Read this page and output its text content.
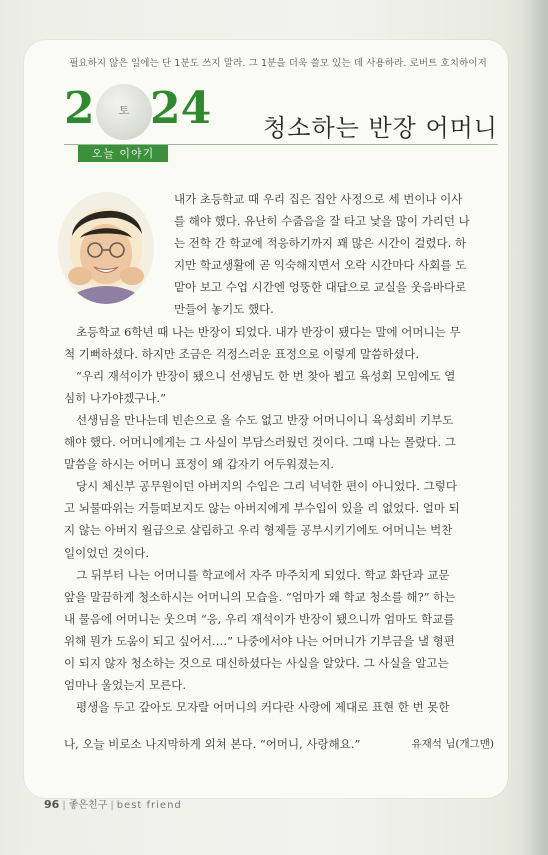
필요하지 않은 일에는 단 1분도 쓰지 말라. 그 1분을 더욱 쓸모 있는 데 사용하라. 로버트 호치하이저
2	토 24	청소하는 반장 어머니
오늘 이야기
내가 초등학교 때 우리 집은 집안 사정으로 세 번이나 이사
를 해야 했다. 유난히 수줍음을 잘 타고 낯을 많이 가리던 나
는 전학 간 학교에 적응하기까지 꽤 많은 시간이 걸렸다. 하
지만 학교생활에 곧 익숙해지면서 오락 시간마다 사회를 도
맡아 보고 수업 시간엔 엉뚱한 대답으로 교실을 웃음바다로
만들어 놓기도 했다.
초등학교 6학년 때 나는 반장이 되었다. 내가 반장이 됐다는 말에 어머니는 무
척 기뻐하셨다. 하지만 조금은 걱정스러운 표정으로 이렇게 말씀하셨다.
“우리 재석이가 반장이 됐으니 선생님도 한 번 찾아 뵙고 육성회 모임에도 열
심히 나가야겠구나.”
선생님을 만나는데 빈손으로 올 수도 없고 반장 어머니이니 육성회비 기부도
해야 했다. 어머니에게는 그 사실이 부담스러웠던 것이다. 그때 나는 몰랐다. 그
말씀을 하시는 어머니 표정이 왜 갑자기 어두워졌는지.
당시 체신부 공무원이던 아버지의 수입은 그리 넉넉한 편이 아니었다. 그렇다
고 뇌물따위는 거들떠보지도 않는 아버지에게 부수입이 있을 리 없었다. 얼마 되
지 않는 아버지 월급으로 살림하고 우리 형제들 공부시키기에도 어머니는 벅찬
일이었던 것이다.
그 뒤부터 나는 어머니를 학교에서 자주 마주치게 되었다. 학교 화단과 교문
앞을 말끔하게 청소하시는 어머니의 모습을. “엄마가 왜 학교 청소를 해?” 하는
내 물음에 어머니는 웃으며 “응, 우리 재석이가 반장이 됐으니까 엄마도 학교를
위해 뭔가 도움이 되고 싶어서….” 나중에서야 나는 어머니가 기부금을 낼 형편
이 되지 않자 청소하는 것으로 대신하셨다는 사실을 알았다. 그 사실을 알고는
엄마나 울었는지 모른다.
평생을 두고 갚아도 모자랄 어머니의 커다란 사랑에 제대로 표현 한 번 못한
나, 오늘 비로소 나지막하게 외쳐 본다. “어머니, 사랑해요.”	유재석 님(개그맨)
96 | 좋은친구 | best friend
